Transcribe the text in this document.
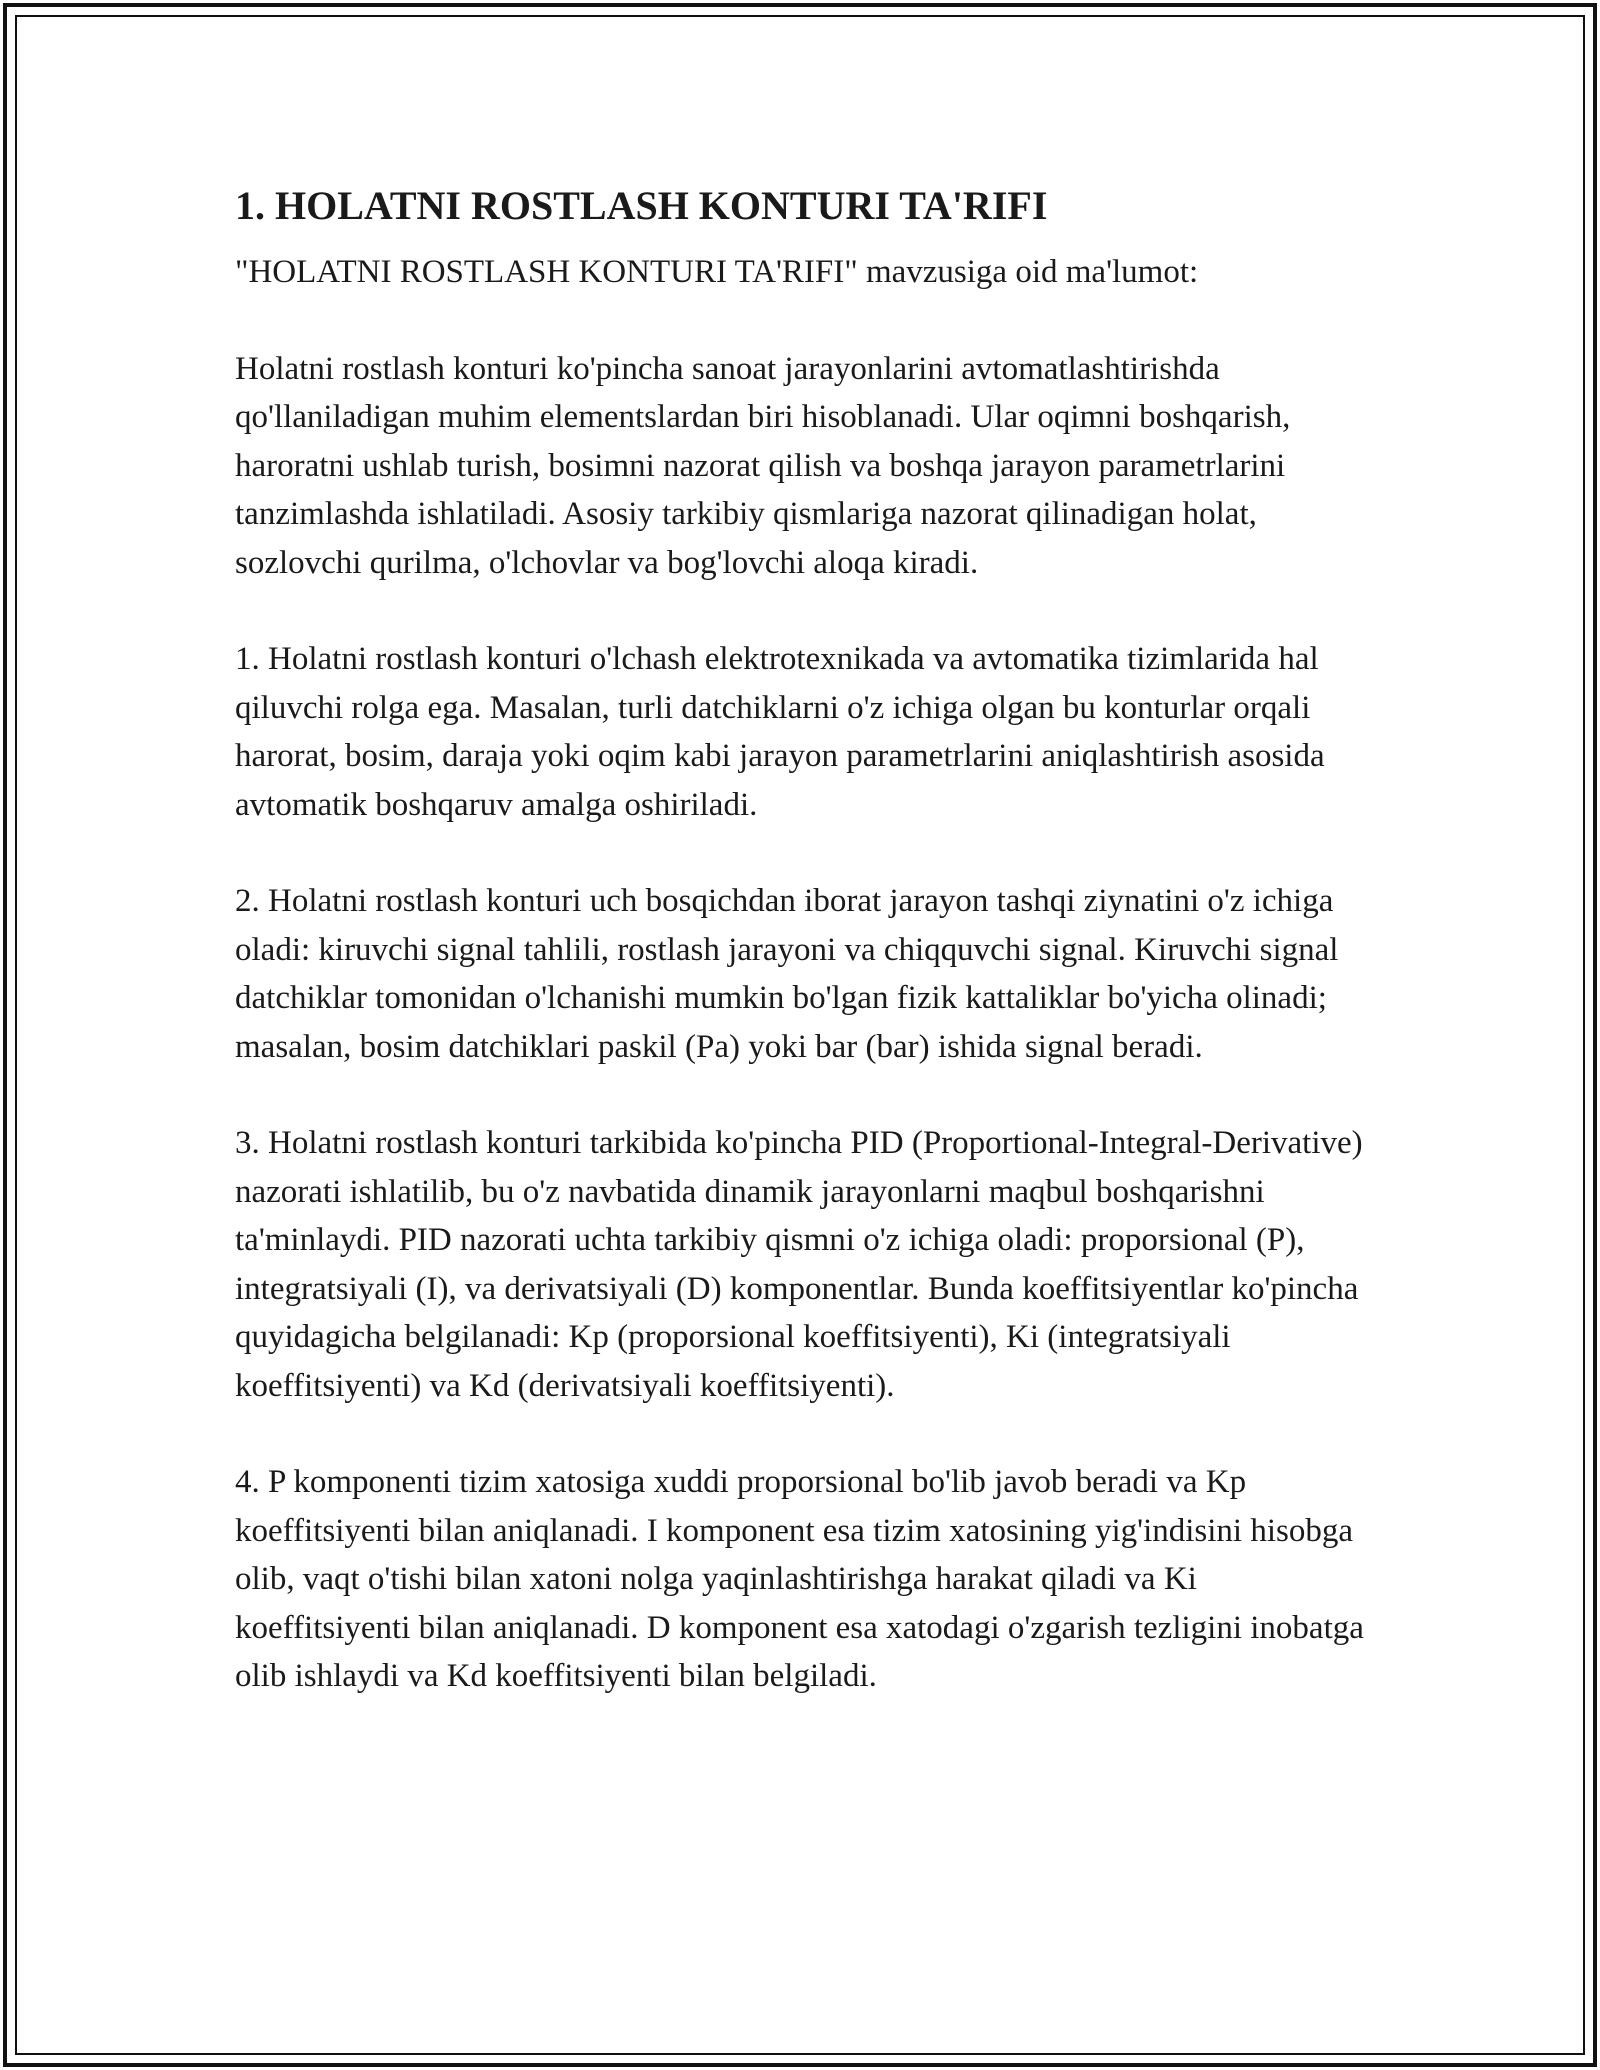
1. HOLATNI ROSTLASH KONTURI TA'RIFI

"HOLATNI ROSTLASH KONTURI TA'RIFI" mavzusiga oid ma'lumot:

Holatni rostlash konturi ko'pincha sanoat jarayonlarini avtomatlashtirishda qo'llaniladigan muhim elementslardan biri hisoblanadi. Ular oqimni boshqarish, haroratni ushlab turish, bosimni nazorat qilish va boshqa jarayon parametrlarini tanzimlashda ishlatiladi. Asosiy tarkibiy qismlariga nazorat qilinadigan holat, sozlovchi qurilma, o'lchovlar va bog'lovchi aloqa kiradi.

1. Holatni rostlash konturi o'lchash elektrotexnikada va avtomatika tizimlarida hal qiluvchi rolga ega. Masalan, turli datchiklarni o'z ichiga olgan bu konturlar orqali harorat, bosim, daraja yoki oqim kabi jarayon parametrlarini aniqlashtirish asosida avtomatik boshqaruv amalga oshiriladi.

2. Holatni rostlash konturi uch bosqichdan iborat jarayon tashqi ziynatini o'z ichiga oladi: kiruvchi signal tahlili, rostlash jarayoni va chiqquvchi signal. Kiruvchi signal datchiklar tomonidan o'lchanishi mumkin bo'lgan fizik kattaliklar bo'yicha olinadi; masalan, bosim datchiklari paskil (Pa) yoki bar (bar) ishida signal beradi.

3. Holatni rostlash konturi tarkibida ko'pincha PID (Proportional-Integral-Derivative) nazorati ishlatilib, bu o'z navbatida dinamik jarayonlarni maqbul boshqarishni ta'minlaydi. PID nazorati uchta tarkibiy qismni o'z ichiga oladi: proporsional (P), integratsiyali (I), va derivatsiyali (D) komponentlar. Bunda koeffitsiyentlar ko'pincha quyidagicha belgilanadi: Kp (proporsional koeffitsiyenti), Ki (integratsiyali koeffitsiyenti) va Kd (derivatsiyali koeffitsiyenti).

4. P komponenti tizim xatosiga xuddi proporsional bo'lib javob beradi va Kp koeffitsiyenti bilan aniqlanadi. I komponent esa tizim xatosining yig'indisini hisobga olib, vaqt o'tishi bilan xatoni nolga yaqinlashtirishga harakat qiladi va Ki koeffitsiyenti bilan aniqlanadi. D komponent esa xatodagi o'zgarish tezligini inobatga olib ishlaydi va Kd koeffitsiyenti bilan belgiladi.
